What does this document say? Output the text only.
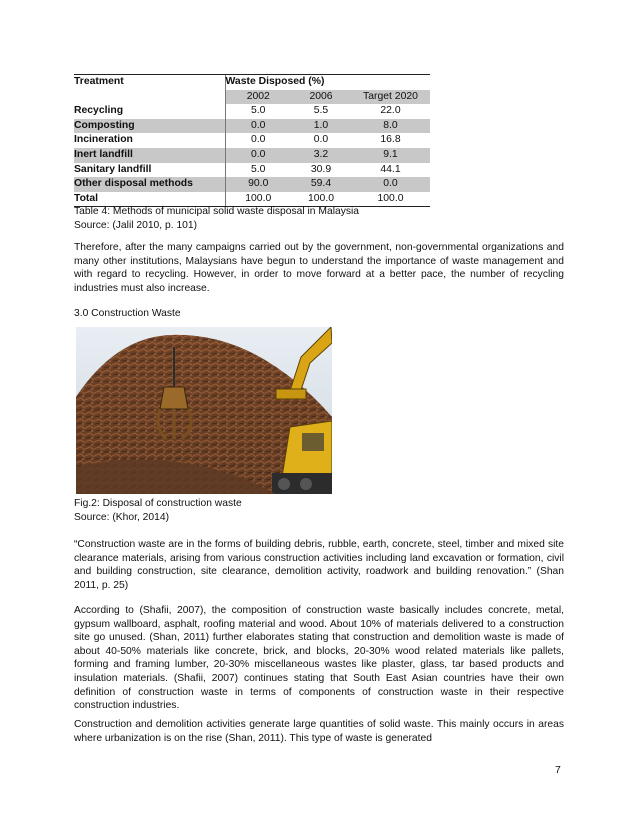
Treatment	Waste Disposed (%)		
	2002	2006	Target 2020
Recycling	5.0	5.5	22.0
Composting	0.0	1.0	8.0
Incineration	0.0	0.0	16.8
Inert landfill	0.0	3.2	9.1
Sanitary landfill	5.0	30.9	44.1
Other disposal methods	90.0	59.4	0.0
Total	100.0	100.0	100.0
Table 4: Methods of municipal solid waste disposal in Malaysia
Source: (Jalil 2010, p. 101)
Therefore, after the many campaigns carried out by the government, non-governmental organizations and many other institutions, Malaysians have begun to understand the importance of waste management and with regard to recycling. However, in order to move forward at a better pace, the number of recycling industries must also increase.
3.0 Construction Waste
Fig.2: Disposal of construction waste
Source: (Khor, 2014)
“Construction waste are in the forms of building debris, rubble, earth, concrete, steel, timber and mixed site clearance materials, arising from various construction activities including land excavation or formation, civil and building construction, site clearance, demolition activity, roadwork and building renovation.” (Shan 2011, p. 25)
According to (Shafii, 2007), the composition of construction waste basically includes concrete, metal, gypsum wallboard, asphalt, roofing material and wood. About 10% of materials delivered to a construction site go unused. (Shan, 2011) further elaborates stating that construction and demolition waste is made of about 40-50% materials like concrete, brick, and blocks, 20-30% wood related materials like pallets, forming and framing lumber, 20-30% miscellaneous wastes like plaster, glass, tar based products and insulation materials. (Shafii, 2007) continues stating that South East Asian countries have their own definition of construction waste in terms of components of construction waste in their respective construction industries.
Construction and demolition activities generate large quantities of solid waste. This mainly occurs in areas where urbanization is on the rise (Shan, 2011). This type of waste is generated
7
